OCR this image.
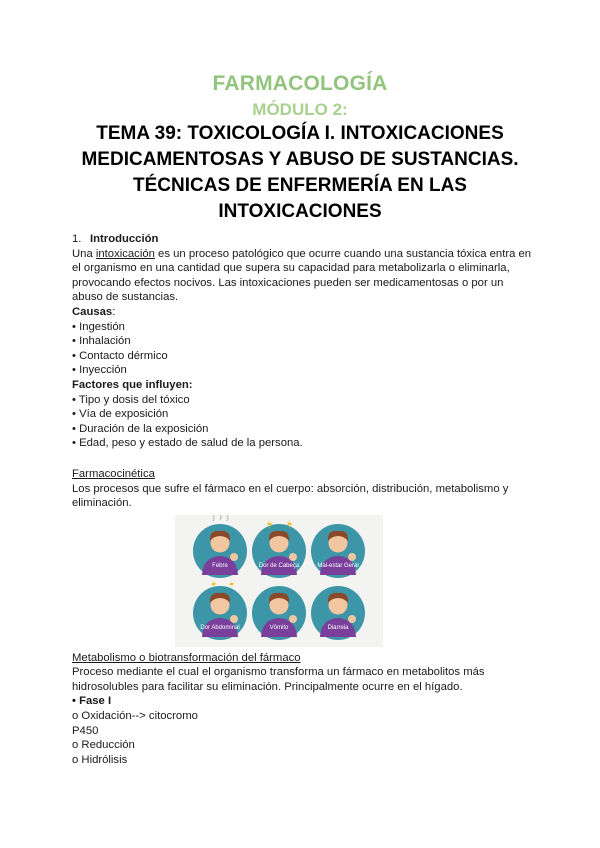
FARMACOLOGÍA
MÓDULO 2:
TEMA 39: TOXICOLOGÍA I. INTOXICACIONES
MEDICAMENTOSAS Y ABUSO DE SUSTANCIAS.
TÉCNICAS DE ENFERMERÍA EN LAS
INTOXICACIONES

1. Introducción

Una intoxicación es un proceso patológico que ocurre cuando una sustancia tóxica entra en

el organismo en una cantidad que supera su capacidad para metabolizarla o eliminarla,

provocando efectos nocivos. Las intoxicaciones pueden ser medicamentosas o por un

abuso de sustancias.

Causas:

• Ingestión

• Inhalación

• Contacto dérmico

• Inyección

Factores que influyen:

• Tipo y dosis del tóxico

• Vía de exposición

• Duración de la exposición

• Edad, peso y estado de salud de la persona.

Farmacocinética

Los procesos que sufre el fármaco en el cuerpo: absorción, distribución, metabolismo y

eliminación.

Febre	Dor de Cabeça	Mal-estar Geral
Dor Abdominal	Vômito	Diarreia

Metabolismo o biotransformación del fármaco

Proceso mediante el cual el organismo transforma un fármaco en metabolitos más

hidrosolubles para facilitar su eliminación. Principalmente ocurre en el hígado.

• Fase I

o Oxidación--> citocromo

P450

o Reducción

o Hidrólisis
